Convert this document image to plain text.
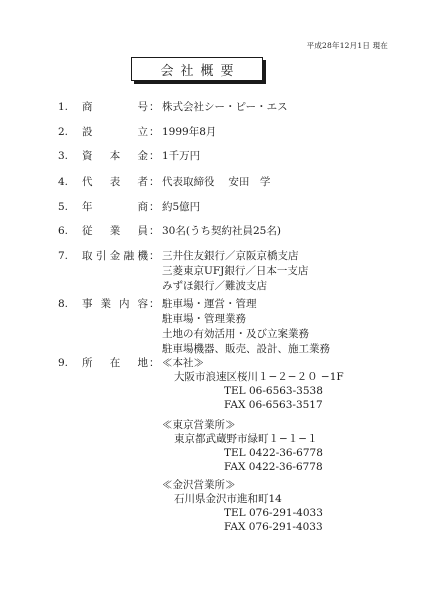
平成28年12月1日 現在
会社概要
1.	商	号 ： 株式会社シー・ピー・エス
2.	設	立 ： 1999年8月
3.	資 本 金 ： 1千万円
4.	代 表 者 ： 代表取締役　 安田　学
5.	年	商 ： 約5億円
6.	従 業 員 ： 30名(うち契約社員25名)
7.	取 引 金 融 機 ： 三井住友銀行／京阪京橋支店
三菱東京UFJ銀行／日本一支店
みずほ銀行／難波支店
8.	事 業 内 容 ： 駐車場・運営・管理
駐車場・管理業務
土地の有効活用・及び立案業務
駐車場機器、販売、設計、施工業務
9.	所 在 地 ： ≪本社≫
大阪市浪速区桜川１−２−２０ −1F
TEL 06-6563-3538
FAX 06-6563-3517
≪東京営業所≫
東京都武蔵野市緑町１−１−１
TEL 0422-36-6778
FAX 0422-36-6778
≪金沢営業所≫
石川県金沢市進和町14
TEL 076-291-4033
FAX 076-291-4033
